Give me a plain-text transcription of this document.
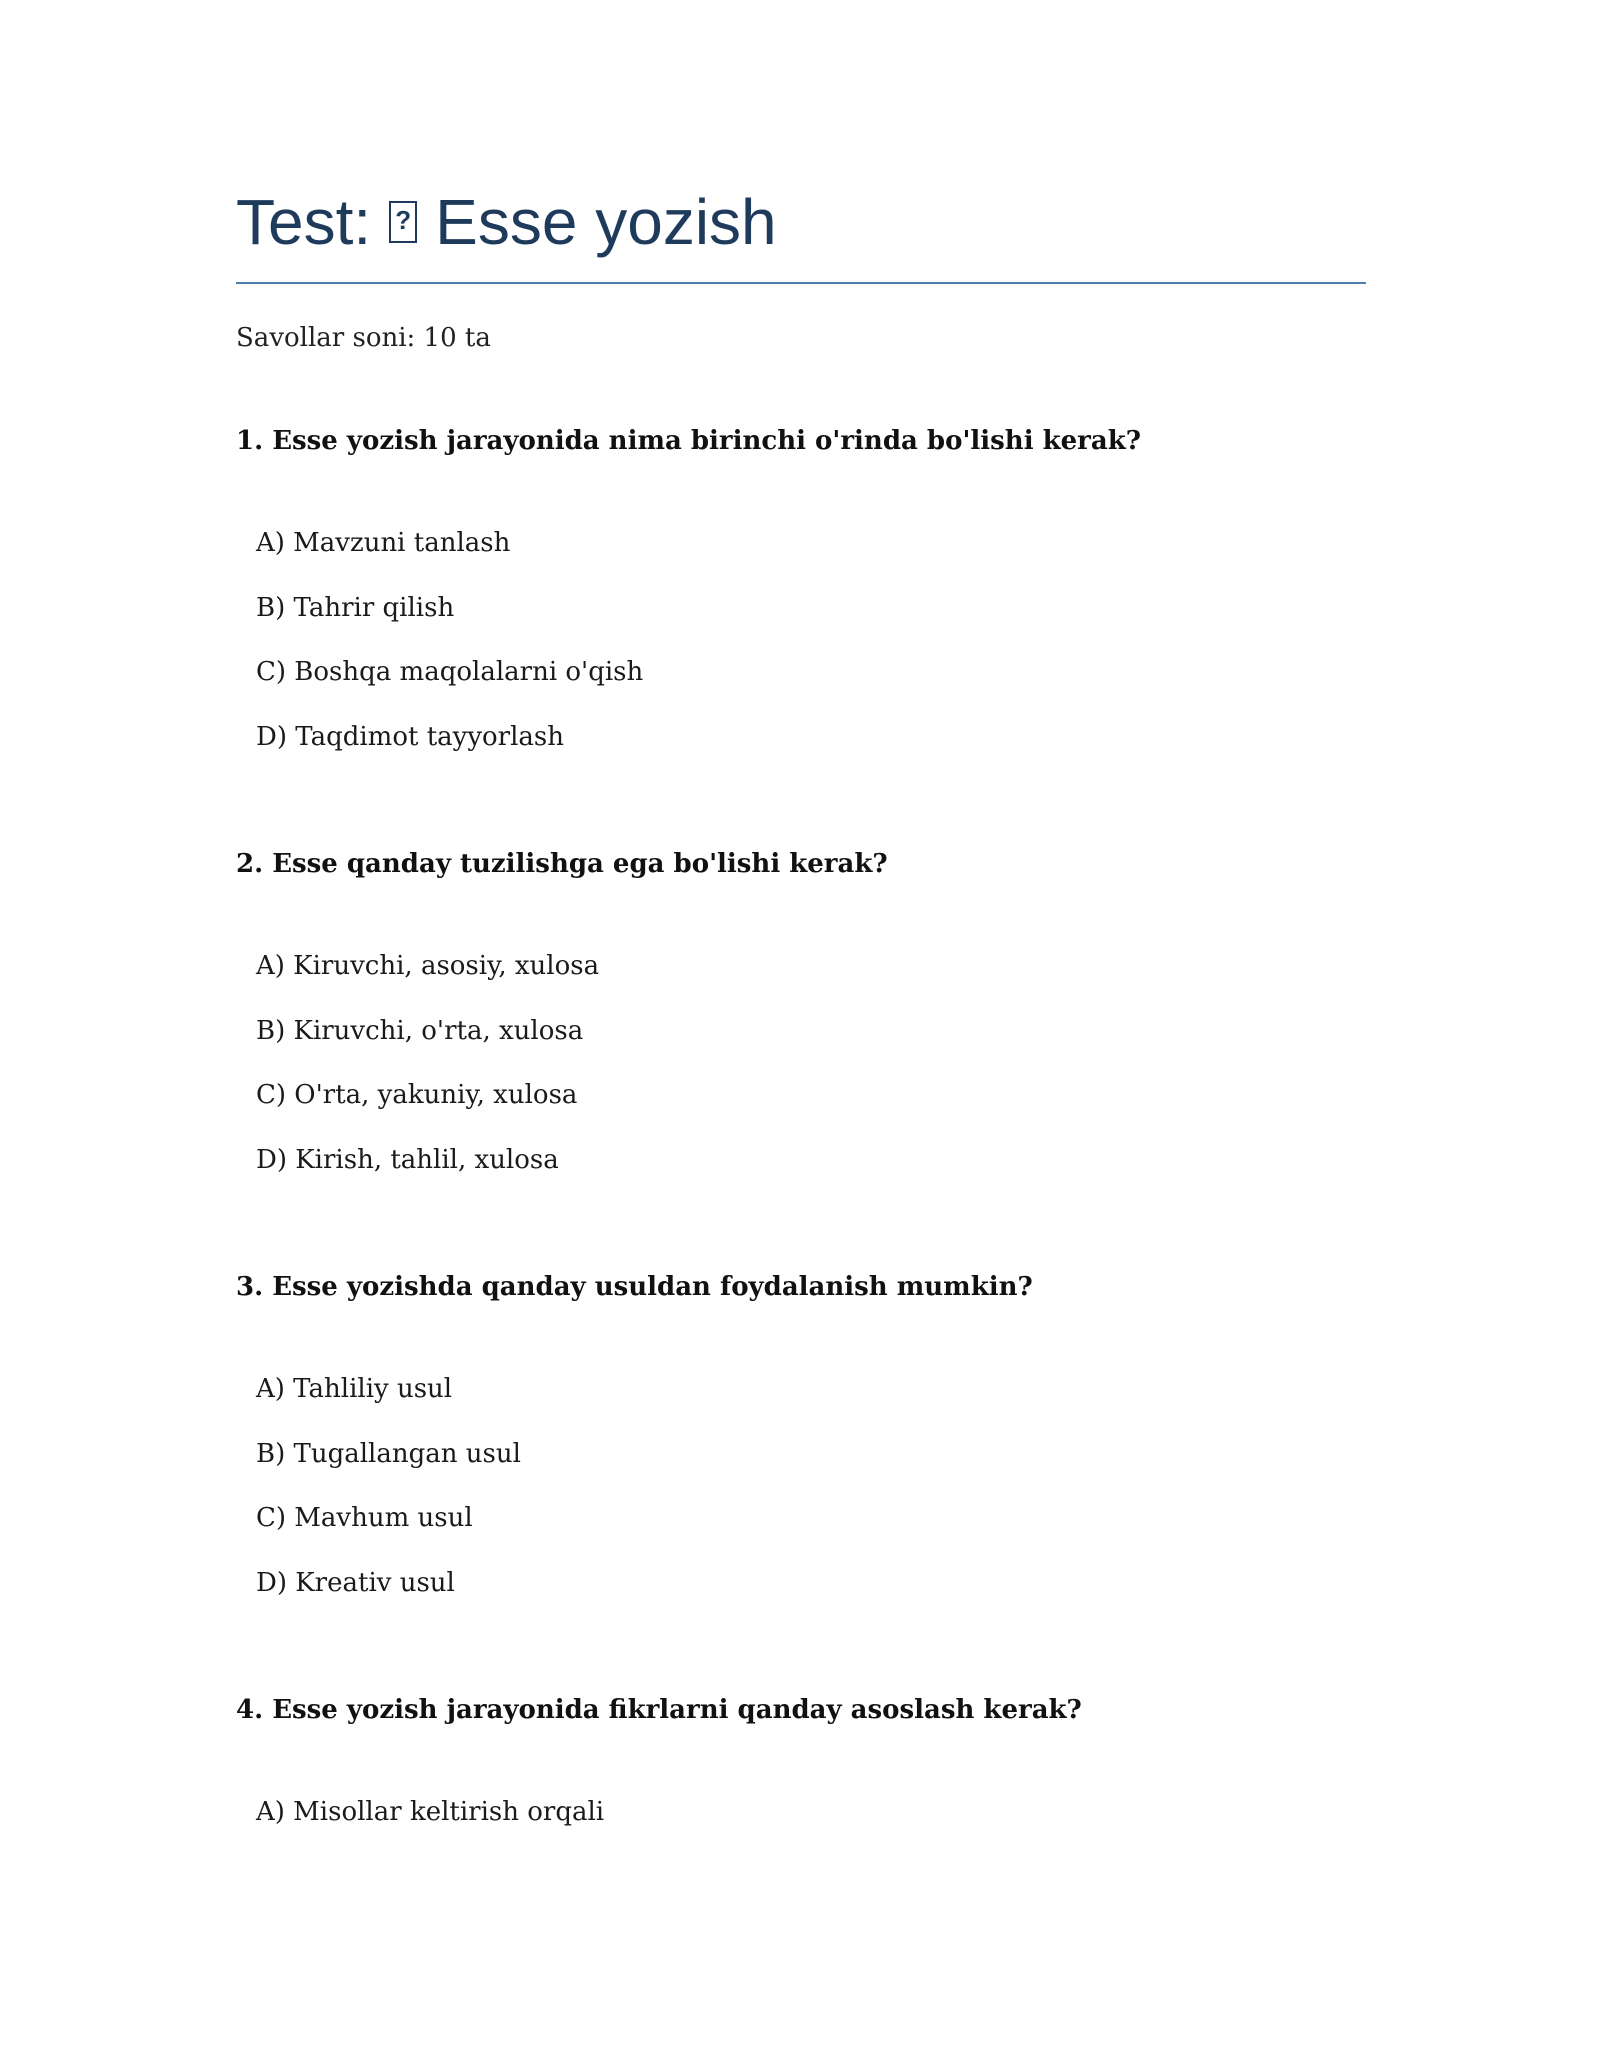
Test:
? Esse yozish
Savollar soni: 10 ta
1. Esse yozish jarayonida nima birinchi o'rinda bo'lishi kerak?
A) Mavzuni tanlash
B) Tahrir qilish
C) Boshqa maqolalarni o'qish
D) Taqdimot tayyorlash
2. Esse qanday tuzilishga ega bo'lishi kerak?
A) Kiruvchi, asosiy, xulosa
B) Kiruvchi, o'rta, xulosa
C) O'rta, yakuniy, xulosa
D) Kirish, tahlil, xulosa
3. Esse yozishda qanday usuldan foydalanish mumkin?
A) Tahliliy usul
B) Tugallangan usul
C) Mavhum usul
D) Kreativ usul
4. Esse yozish jarayonida fikrlarni qanday asoslash kerak?
A) Misollar keltirish orqali
